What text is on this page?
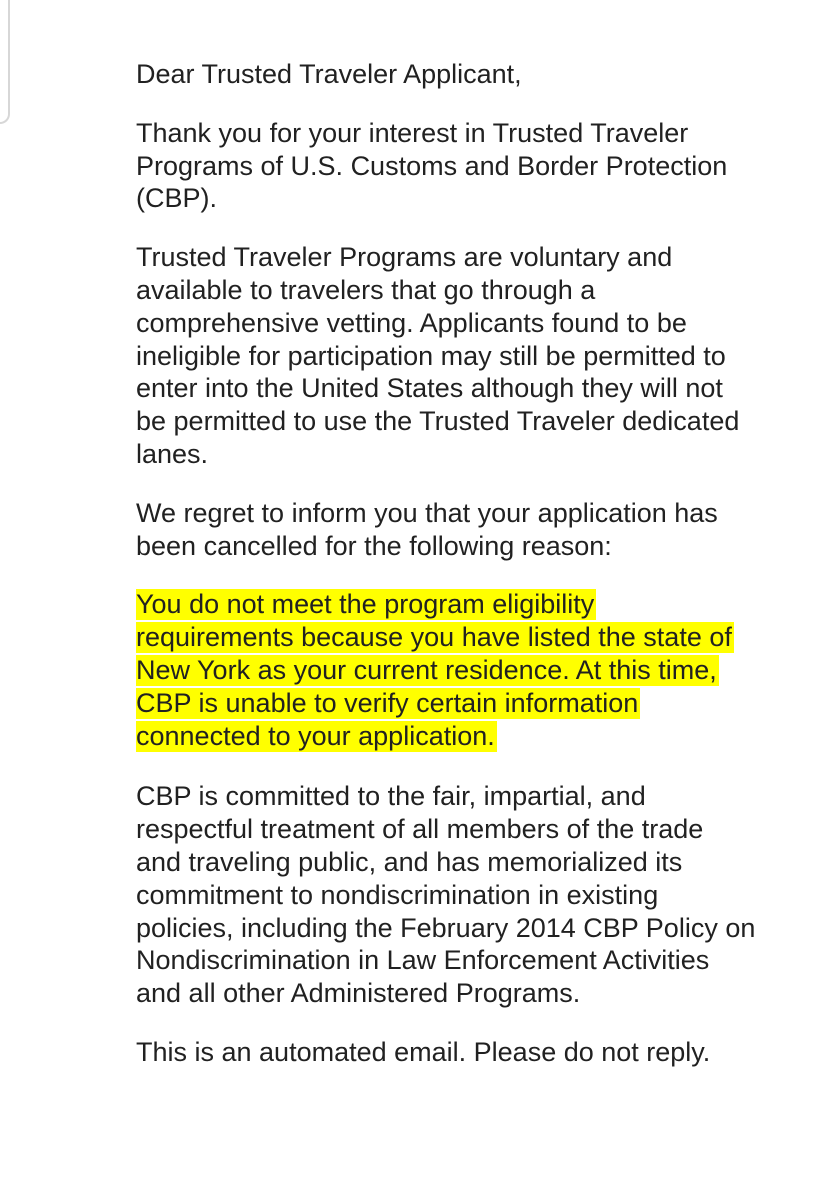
Dear Trusted Traveler Applicant,

Thank you for your interest in Trusted Traveler
Programs of U.S. Customs and Border Protection
(CBP).

Trusted Traveler Programs are voluntary and
available to travelers that go through a
comprehensive vetting. Applicants found to be
ineligible for participation may still be permitted to
enter into the United States although they will not
be permitted to use the Trusted Traveler dedicated
lanes.

We regret to inform you that your application has
been cancelled for the following reason:

You do not meet the program eligibility
requirements because you have listed the state of
New York as your current residence. At this time,
CBP is unable to verify certain information
connected to your application.

CBP is committed to the fair, impartial, and
respectful treatment of all members of the trade
and traveling public, and has memorialized its
commitment to nondiscrimination in existing
policies, including the February 2014 CBP Policy on
Nondiscrimination in Law Enforcement Activities
and all other Administered Programs.

This is an automated email. Please do not reply.
